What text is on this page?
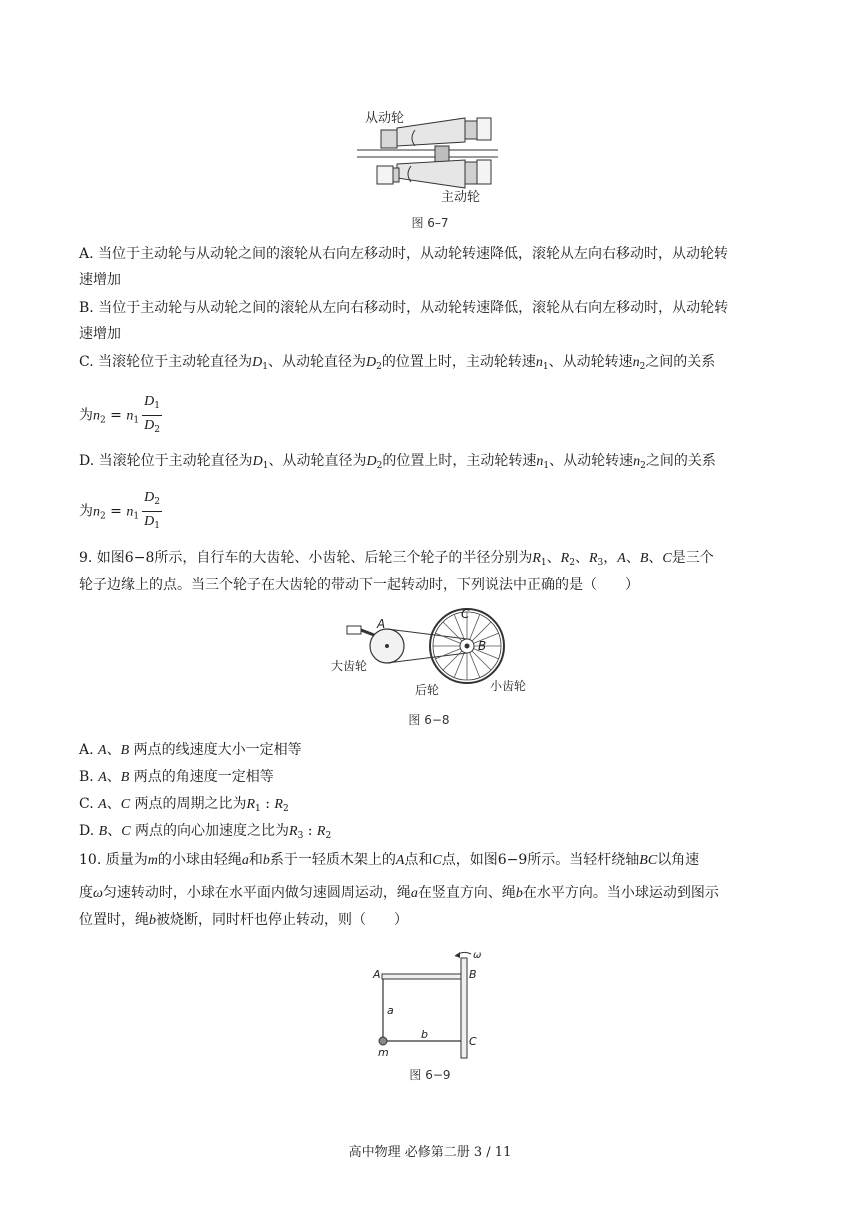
从动轮
主动轮
图 6–7
A. 当位于主动轮与从动轮之间的滚轮从右向左移动时，从动轮转速降低，滚轮从左向右移动时，从动轮转
速增加
B. 当位于主动轮与从动轮之间的滚轮从左向右移动时，从动轮转速降低，滚轮从右向左移动时，从动轮转
速增加
C. 当滚轮位于主动轮直径为$D_1$、从动轮直径为$D_2$的位置上时，主动轮转速$n_1$、从动轮转速$n_2$之间的关系
为$n_2 = n_1 \frac{D_1}{D_2}$
D. 当滚轮位于主动轮直径为$D_1$、从动轮直径为$D_2$的位置上时，主动轮转速$n_1$、从动轮转速$n_2$之间的关系
为$n_2 = n_1 \frac{D_2}{D_1}$
9. 如图6−8所示，自行车的大齿轮、小齿轮、后轮三个轮子的半径分别为$R_1$、$R_2$、$R_3$，A、B、C是三个
轮子边缘上的点。当三个轮子在大齿轮的带动下一起转动时，下列说法中正确的是（　　）
A
C
B
大齿轮
后轮	小齿轮
图 6−8
A. A、B 两点的线速度大小一定相等
B. A、B 两点的角速度一定相等
C. A、C 两点的周期之比为$R_1$ : $R_2$
D. B、C 两点的向心加速度之比为$R_3$ : $R_2$
10. 质量为m的小球由轻绳a和b系于一轻质木架上的A点和C点，如图6−9所示。当轻杆绕轴BC以角速
度ω匀速转动时，小球在水平面内做匀速圆周运动，绳a在竖直方向、绳b在水平方向。当小球运动到图示
位置时，绳b被烧断，同时杆也停止转动，则（　　）
ω
A	B
C
a
b
m
图 6−9
高中物理 必修第二册 3 / 11
